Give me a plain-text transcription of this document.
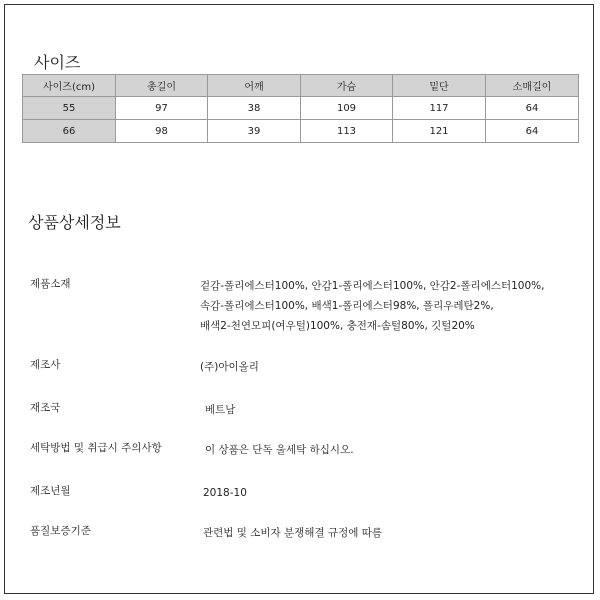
사이즈
사이즈(cm)	총길이	어깨	가슴	밑단	소매길이
55	97	38	109	117	64
66	98	39	113	121	64
상품상세정보
제품소재	겉감-폴리에스터100%, 안감1-폴리에스터100%, 안감2-폴리에스터100%,
속감-폴리에스터100%, 배색1-폴리에스터98%, 폴리우레탄2%,
배색2-천연모피(여우털)100%, 충전재-솜털80%, 깃털20%
제조사	(주)아이올리
재조국	베트남
세탁방법 및 취급시 주의사항	이 상품은 단독 울세탁 하십시오.
제조년월	2018-10
품질보증기준	관련법 및 소비자 분쟁해결 규정에 따름
